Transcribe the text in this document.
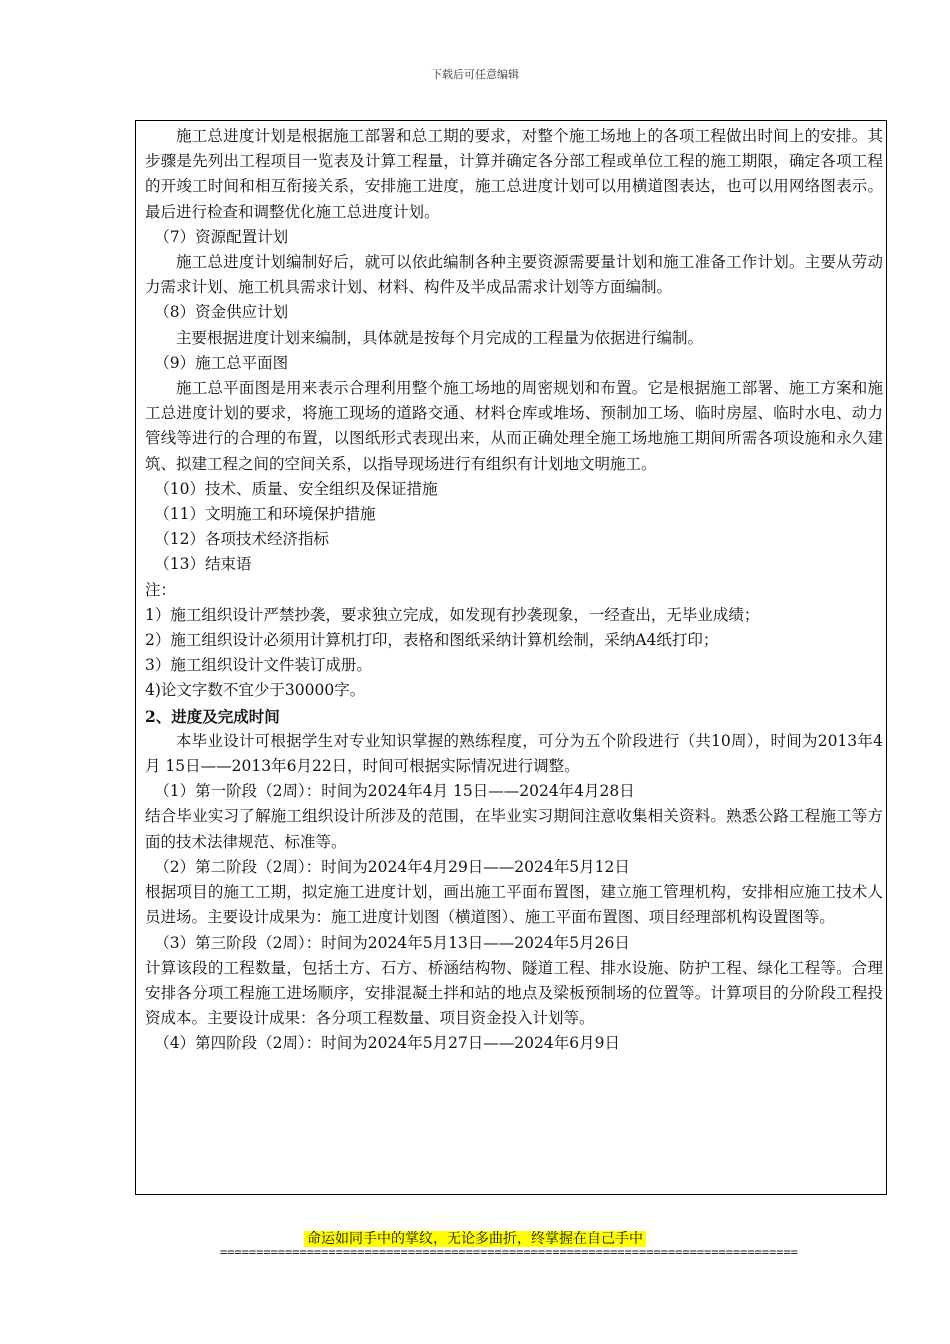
下载后可任意编辑

施工总进度计划是根据施工部署和总工期的要求，对整个施工场地上的各项工程做出时间上的安排。其步骤是先列出工程项目一览表及计算工程量，计算并确定各分部工程或单位工程的施工期限，确定各项工程的开竣工时间和相互衔接关系，安排施工进度，施工总进度计划可以用横道图表达，也可以用网络图表示。最后进行检查和调整优化施工总进度计划。

（7）资源配置计划

施工总进度计划编制好后，就可以依此编制各种主要资源需要量计划和施工准备工作计划。主要从劳动力需求计划、施工机具需求计划、材料、构件及半成品需求计划等方面编制。

（8）资金供应计划

主要根据进度计划来编制，具体就是按每个月完成的工程量为依据进行编制。

（9）施工总平面图

施工总平面图是用来表示合理利用整个施工场地的周密规划和布置。它是根据施工部署、施工方案和施工总进度计划的要求，将施工现场的道路交通、材料仓库或堆场、预制加工场、临时房屋、临时水电、动力管线等进行的合理的布置，以图纸形式表现出来，从而正确处理全施工场地施工期间所需各项设施和永久建筑、拟建工程之间的空间关系，以指导现场进行有组织有计划地文明施工。

（10）技术、质量、安全组织及保证措施

（11）文明施工和环境保护措施

（12）各项技术经济指标

（13）结束语

注：

1）施工组织设计严禁抄袭，要求独立完成，如发现有抄袭现象，一经查出，无毕业成绩；

2）施工组织设计必须用计算机打印，表格和图纸采纳计算机绘制，采纳A4纸打印；

3）施工组织设计文件装订成册。

4)论文字数不宜少于30000字。

2、进度及完成时间

本毕业设计可根据学生对专业知识掌握的熟练程度，可分为五个阶段进行（共10周），时间为2013年4月 15日——2013年6月22日，时间可根据实际情况进行调整。

（1）第一阶段（2周）：时间为2024年4月 15日——2024年4月28日

结合毕业实习了解施工组织设计所涉及的范围，在毕业实习期间注意收集相关资料。熟悉公路工程施工等方面的技术法律规范、标准等。

（2）第二阶段（2周）：时间为2024年4月29日——2024年5月12日

根据项目的施工工期，拟定施工进度计划，画出施工平面布置图，建立施工管理机构，安排相应施工技术人员进场。主要设计成果为：施工进度计划图（横道图）、施工平面布置图、项目经理部机构设置图等。

（3）第三阶段（2周）：时间为2024年5月13日——2024年5月26日

计算该段的工程数量，包括土方、石方、桥涵结构物、隧道工程、排水设施、防护工程、绿化工程等。合理安排各分项工程施工进场顺序，安排混凝土拌和站的地点及梁板预制场的位置等。计算项目的分阶段工程投资成本。主要设计成果：各分项工程数量、项目资金投入计划等。

（4）第四阶段（2周）：时间为2024年5月27日——2024年6月9日

命运如同手中的掌纹，无论多曲折，终掌握在自己手中
================================================================================
